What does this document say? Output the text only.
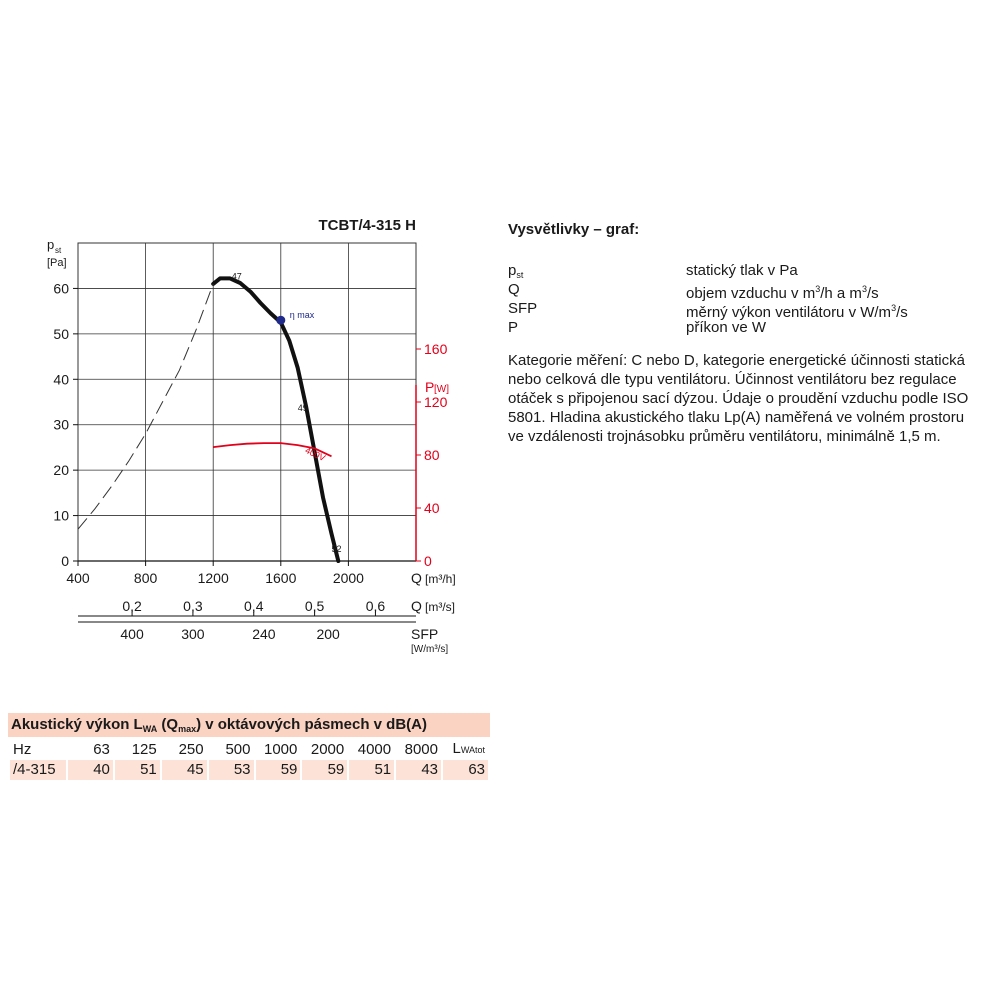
0
10
20
30
40
50
60
p st
[Pa]
TCBT/4-315 H
400	800	1200	1600	2000	Q [m³/h]
0,2	0,3	0,4	0,5	0,6 Q [m³/s]
400	300	240	200	SFP
[W/m³/s]
0
40
80
120
160
P [W]
47
49
52
400V
η max
Vysvětlivky – graf:
$p_{st}$	statický tlak v Pa
Q	objem vzduchu v $m^3/h$ a $m^3/s$
SFP	měrný výkon ventilátoru v $W/m^3/s$
P	příkon ve W
Kategorie měření: C nebo D, kategorie energetické účinnosti statická nebo celková dle typu ventilátoru. Účinnost ventilátoru bez regulace otáček s připojenou sací dýzou. Údaje o proudění vzduchu podle ISO 5801. Hladina akustického tlaku Lp(A) naměřená ve volném prostoru ve vzdálenosti trojnásobku průměru ventilátoru, minimálně 1,5 m.
Akustický výkon $L_{WA}$ $(Q_{max})$ v oktávových pásmech v dB(A)
Hz	63	125	250	500	1000	2000	4000	8000	LWAtot
/4-315	40	51	45	53	59	59	51	43	63
